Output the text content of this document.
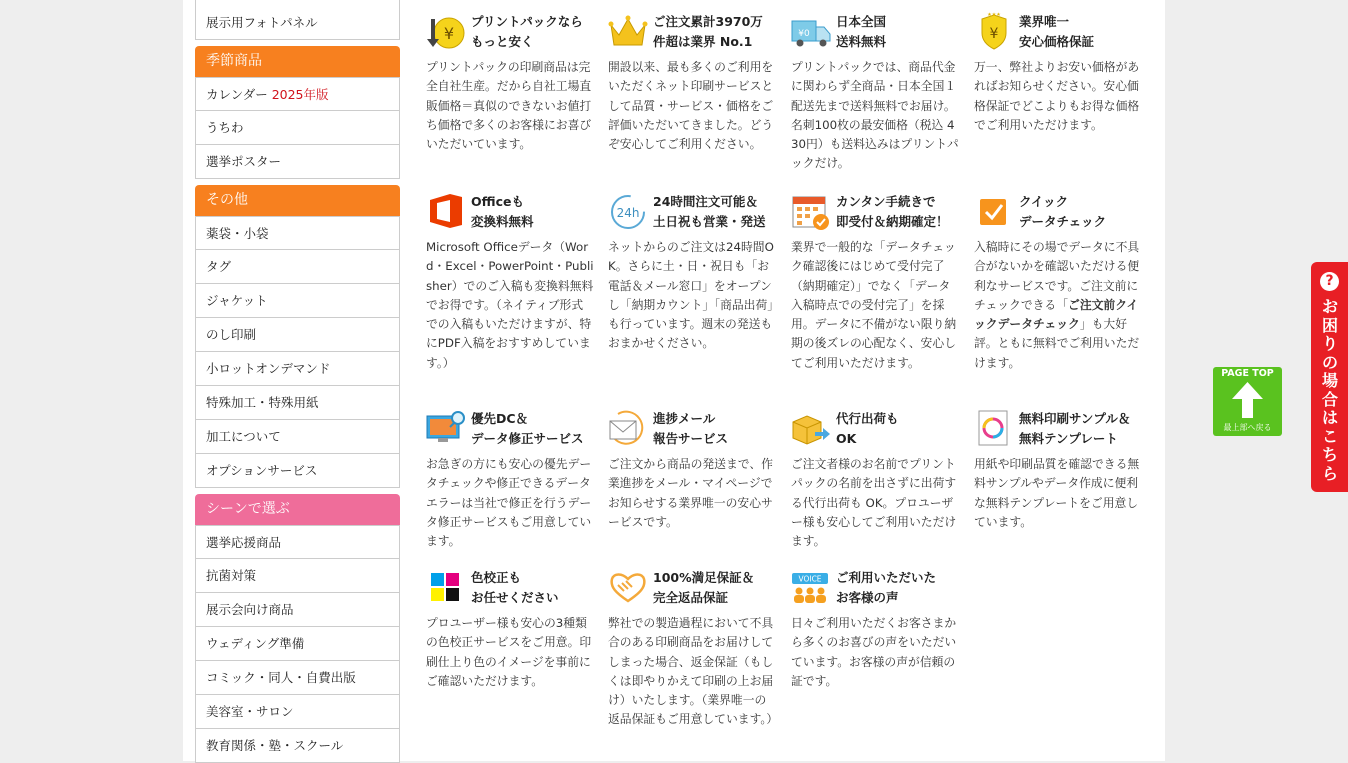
展示用フォトパネル
季節商品
カレンダー 2025年版
うちわ
選挙ポスター
その他
薬袋・小袋
タグ
ジャケット
のし印刷
小ロットオンデマンド
特殊加工・特殊用紙
加工について
オプションサービス
シーンで選ぶ
選挙応援商品
抗菌対策
展示会向け商品
ウェディング準備
コミック・同人・自費出版
美容室・サロン
教育関係・塾・スクール
¥
プリントパックなら
もっと安く
プリントパックの印刷商品は完全自社生産。だから自社工場直販価格＝真似のできないお値打ち価格で多くのお客様にお喜びいただいています。
ご注文累計3970万
件超は業界 No.1
開設以来、最も多くのご利用をいただくネット印刷サービスとして品質・サービス・価格をご評価いただいてきました。どうぞ安心してご利用ください。
¥0
日本全国
送料無料
プリントパックでは、商品代金に関わらず全商品・日本全国１配送先まで送料無料でお届け。名刺100枚の最安価格（税込 430円）も送料込みはプリントパックだけ。
¥
★★★ 業界唯一
安心価格保証
万一、弊社よりお安い価格があればお知らせください。安心価格保証でどこよりもお得な価格でご利用いただけます。
Officeも
変換料無料
Microsoft Officeデータ（Word・Excel・PowerPoint・Publisher）でのご入稿も変換料無料でお得です。（ネイティブ形式での入稿もいただけますが、特にPDF入稿をおすすめしています。）
24h
24時間注文可能＆
土日祝も営業・発送
ネットからのご注文は24時間OK。さらに土・日・祝日も「お電話＆メール窓口」をオープンし「納期カウント」「商品出荷」も行っています。週末の発送もおまかせください。
カンタン手続きで
即受付＆納期確定！
業界で一般的な「データチェック確認後にはじめて受付完了（納期確定）」でなく「データ入稿時点での受付完了」を採用。データに不備がない限り納期の後ズレの心配なく、安心してご利用いただけます。
クイック
データチェック
入稿時にその場でデータに不具合がないかを確認いただける便利なサービスです。ご注文前にチェックできる「ご注文前クイックデータチェック」も大好評。ともに無料でご利用いただけます。
優先DC＆
データ修正サービス
お急ぎの方にも安心の優先データチェックや修正できるデータエラーは当社で修正を行うデータ修正サービスもご用意しています。
進捗メール
報告サービス
ご注文から商品の発送まで、作業進捗をメール・マイページでお知らせする業界唯一の安心サービスです。
代行出荷も
OK
ご注文者様のお名前でプリントパックの名前を出さずに出荷する代行出荷も OK。プロユーザー様も安心してご利用いただけます。
無料印刷サンプル＆
無料テンプレート
用紙や印刷品質を確認できる無料サンプルやデータ作成に便利な無料テンプレートをご用意しています。
色校正も
お任せください
プロユーザー様も安心の3種類の色校正サービスをご用意。印刷仕上り色のイメージを事前にご確認いただけます。
100%満足保証＆
完全返品保証
弊社での製造過程において不具合のある印刷商品をお届けしてしまった場合、返金保証（もしくは即やりかえて印刷の上お届け）いたします。（業界唯一の返品保証もご用意しています。）
VOICE ご利用いただいた
お客様の声
日々ご利用いただくお客さまから多くのお喜びの声をいただいています。お客様の声が信頼の証です。
PAGE TOP
最上部へ戻る
?
お困りの場合はこちら
